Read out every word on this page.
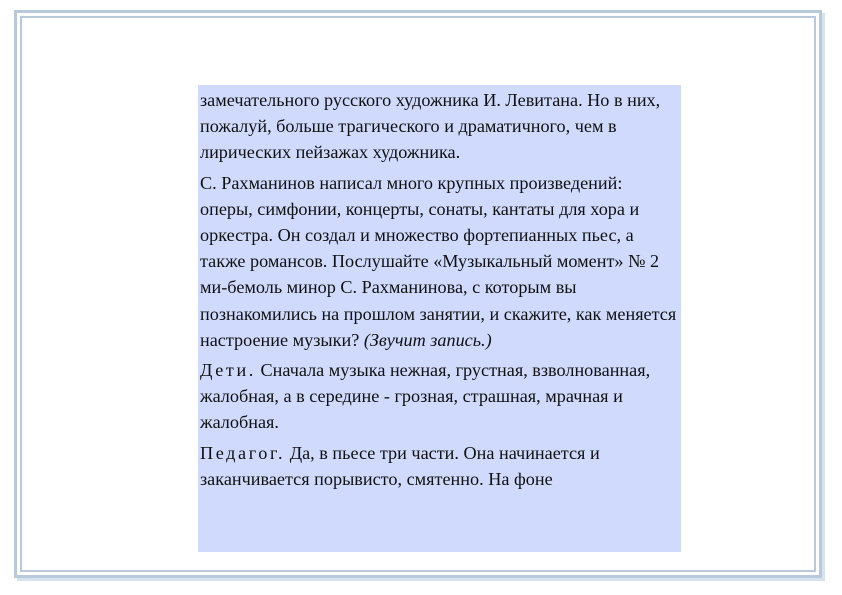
замечательного русского художника И. Левитана. Но в них, пожалуй, больше трагического и драматичного, чем в лирических пейзажах художника.

С. Рахманинов написал много крупных произведений: оперы, симфонии, концерты, сонаты, кантаты для хора и оркестра. Он создал и множество фортепианных пьес, а также романсов. Послушайте «Музыкальный момент» № 2 ми-бемоль минор С. Рахманинова, с которым вы познакомились на прошлом занятии, и скажите, как меняется настроение музыки? (Звучит запись.)

Дети. Сначала музыка нежная, грустная, взволнованная, жалобная, а в середине - грозная, страшная, мрачная и жалобная.

Педагог. Да, в пьесе три части. Она начинается и заканчивается порывисто, смятенно. На фоне
